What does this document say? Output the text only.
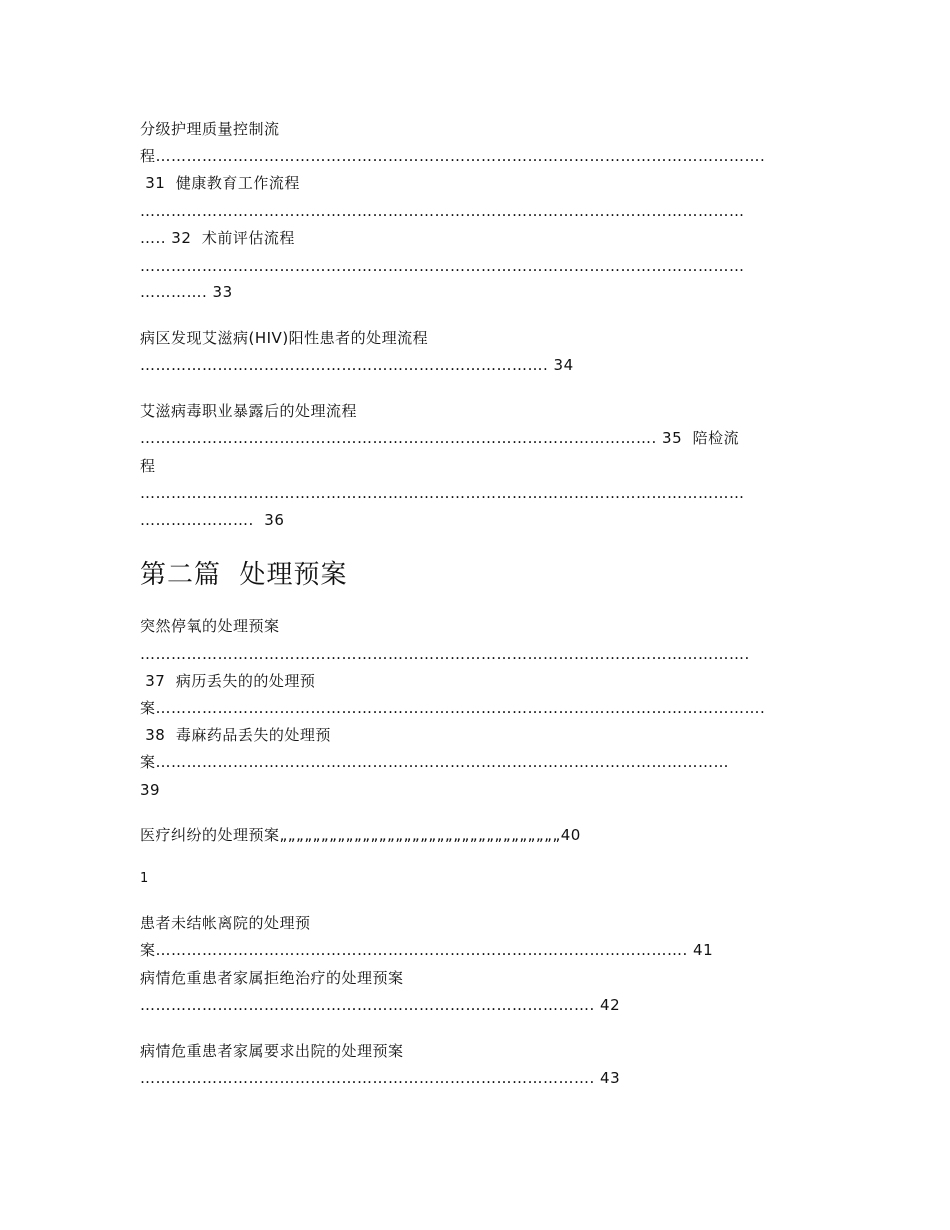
分级护理质量控制流

程……………………………………………………………………………………………………….

31  健康教育工作流程

………………………………………………………………………………………………………

….. 32  术前评估流程

………………………………………………………………………………………………………

…………. 33

病区发现艾滋病(HIV)阳性患者的处理流程

……………………………………………………………………. 34

艾滋病毒职业暴露后的处理流程

………………………………………………………………………………………. 35  陪检流

程

………………………………………………………………………………………………………

………………….  36

第二篇  处理预案

突然停氧的处理预案

……………………………………………………………………………………………………….

37  病历丢失的的处理预

案……………………………………………………………………………………………………….

38  毒麻药品丢失的处理预

案…………………………………………………………………………………………………

39

医疗纠纷的处理预案„„„„„„„„„„„„„„„„„„„„„„„„„„„„„„„„„„40

1

患者未结帐离院的处理预

案…………………………………………………………………………………………. 41

病情危重患者家属拒绝治疗的处理预案

……………………………………………………………………………. 42

病情危重患者家属要求出院的处理预案

……………………………………………………………………………. 43
